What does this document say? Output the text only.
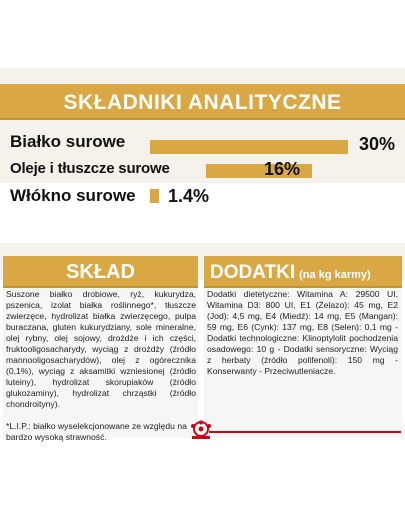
SKŁADNIKI ANALITYCZNE
Białko surowe	30%
Oleje i tłuszcze surowe	16%
Włókno surowe 1.4%
SKŁAD
Suszone białko drobiowe, ryż, kukurydza, pszenica, izolat białka roślinnego*, tłuszcze zwierzęce, hydrolizat białka zwierzęcego, pulpa buraczana, gluten kukurydziany, sole mineralne, olej rybny, olej sojowy, drożdże i ich części, fruktooligosacharydy, wyciąg z drożdży (źródło mannooligosacharydów), olej z ogórecznika (0,1%), wyciąg z aksamitki wzniesionej (źródło luteiny), hydrolizat skorupiaków (źródło glukozaminy), hydrolizat chrząstki (źródło chondroityny).
*L.I.P.: białko wyselekcjonowane ze względu na bardzo wysoką strawność.
DODATKI (na kg karmy)
Dodatki dietetyczne: Witamina A: 29500 UI, Witamina D3: 800 UI, E1 (Żelazo): 45 mg, E2 (Jod): 4,5 mg, E4 (Miedź): 14 mg, E5 (Mangan): 59 mg, E6 (Cynk): 137 mg, E8 (Selen): 0,1 mg - Dodatki technologiczne: Klinoptylolit pochodzenia osadowego: 10 g - Dodatki sensoryczne: Wyciąg z herbaty (źródło polifenoli): 150 mg - Konserwanty - Przeciwutleniacze.
